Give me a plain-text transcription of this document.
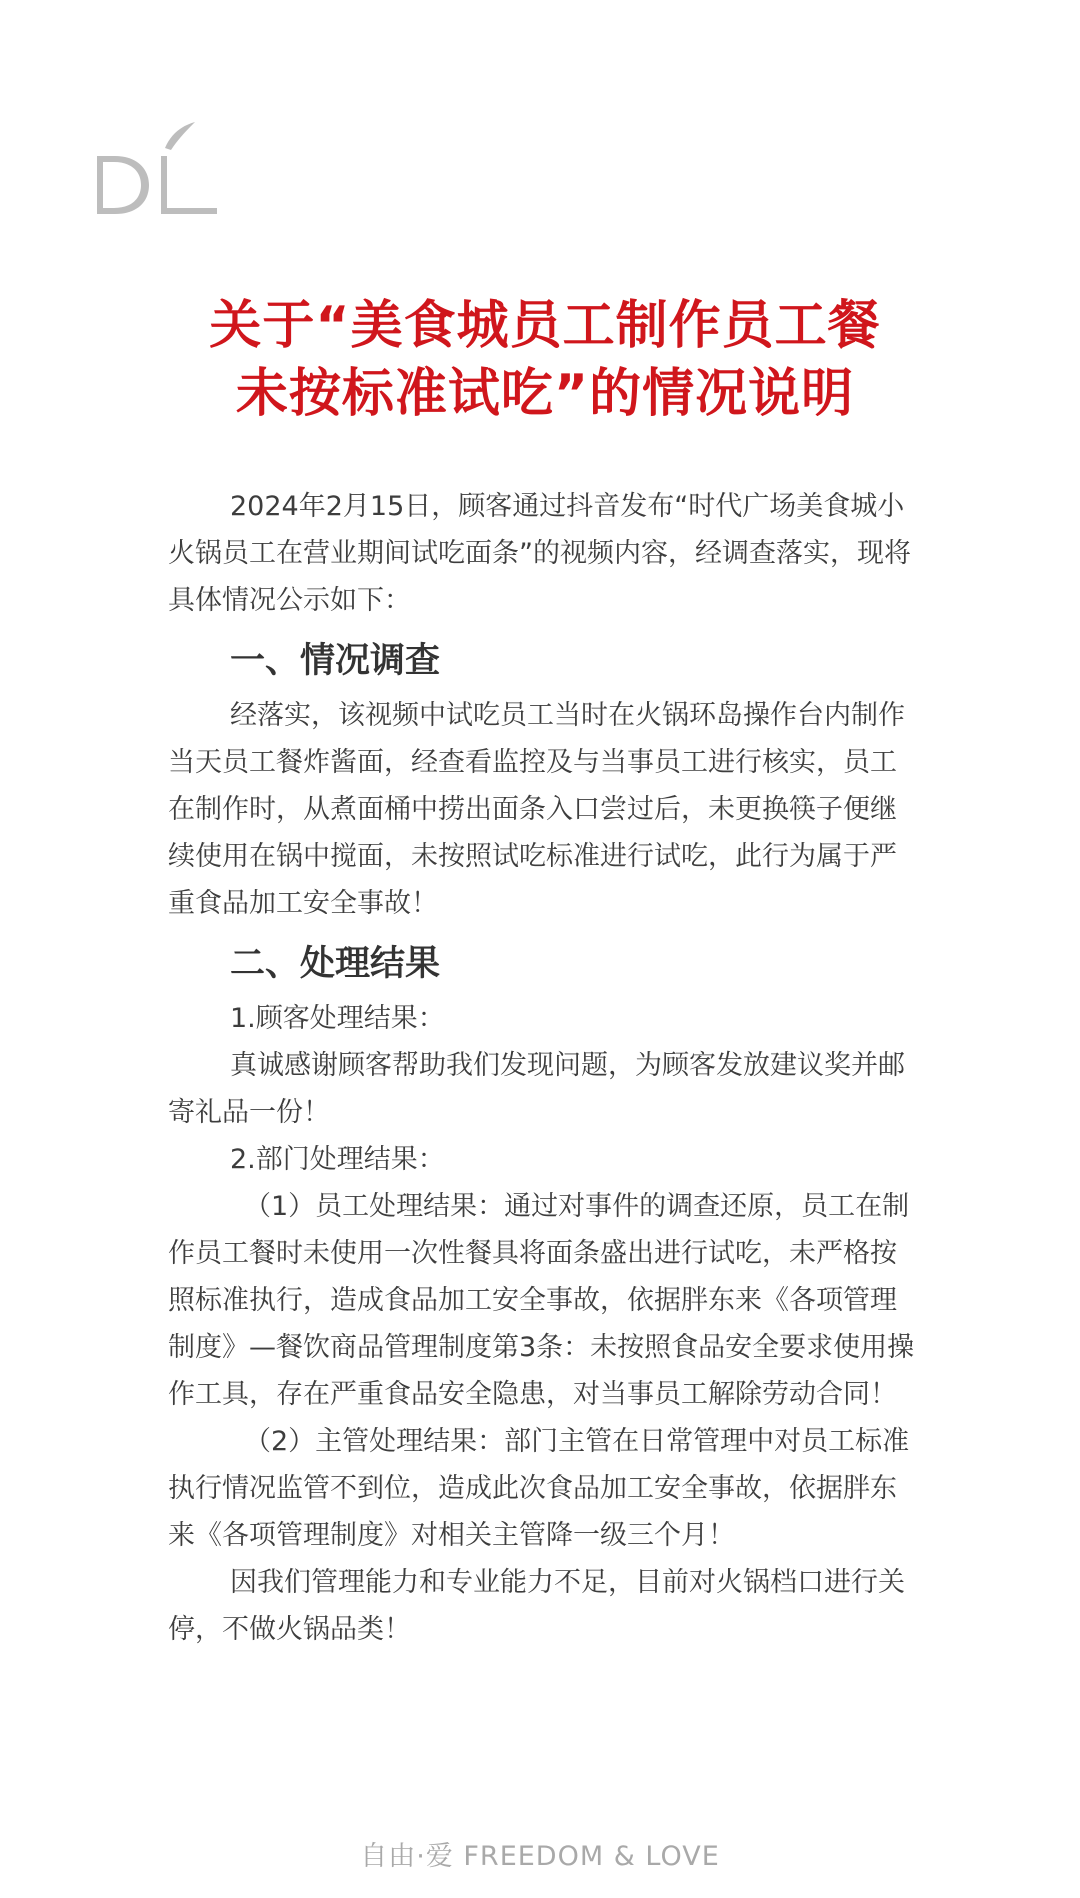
关于“美食城员工制作员工餐
未按标准试吃”的情况说明

2024年2月15日，顾客通过抖音发布“时代广场美食城小火锅员工在营业期间试吃面条”的视频内容，经调查落实，现将具体情况公示如下：

一、情况调查

经落实，该视频中试吃员工当时在火锅环岛操作台内制作当天员工餐炸酱面，经查看监控及与当事员工进行核实，员工在制作时，从煮面桶中捞出面条入口尝过后，未更换筷子便继续使用在锅中搅面，未按照试吃标准进行试吃，此行为属于严重食品加工安全事故！

二、处理结果

1.顾客处理结果：

真诚感谢顾客帮助我们发现问题，为顾客发放建议奖并邮寄礼品一份！

2.部门处理结果：

（1）员工处理结果：通过对事件的调查还原，员工在制作员工餐时未使用一次性餐具将面条盛出进行试吃，未严格按照标准执行，造成食品加工安全事故，依据胖东来《各项管理制度》—餐饮商品管理制度第3条：未按照食品安全要求使用操作工具，存在严重食品安全隐患，对当事员工解除劳动合同！

（2）主管处理结果：部门主管在日常管理中对员工标准执行情况监管不到位，造成此次食品加工安全事故，依据胖东来《各项管理制度》对相关主管降一级三个月！

因我们管理能力和专业能力不足，目前对火锅档口进行关停，不做火锅品类！

自由·爱 FREEDOM & LOVE
